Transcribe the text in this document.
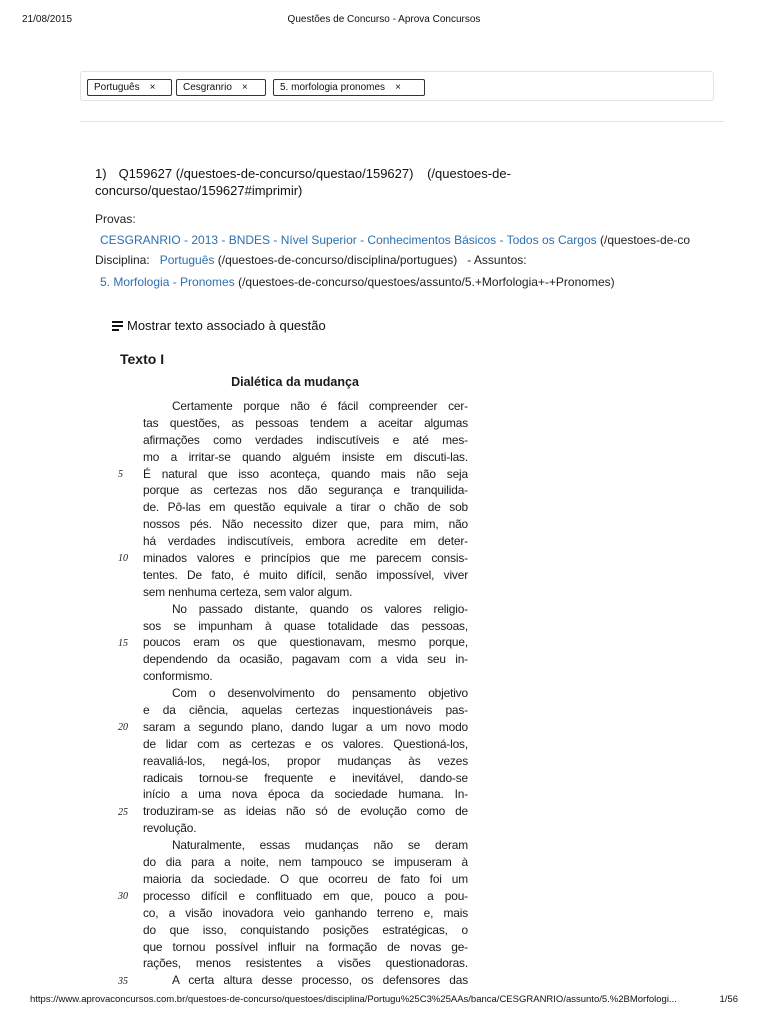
21/08/2015	Questões de Concurso - Aprova Concursos
Português ×	Cesgranrio ×	5. morfologia pronomes ×
1) Q159627 (/questoes-de-concurso/questao/159627) (/questoes-de-concurso/questao/159627#imprimir)
Provas:
CESGRANRIO - 2013 - BNDES - Nível Superior - Conhecimentos Básicos - Todos os Cargos (/questoes-de-co
Disciplina: Português (/questoes-de-concurso/disciplina/portugues) - Assuntos:
5. Morfologia - Pronomes (/questoes-de-concurso/questoes/assunto/5.+Morfologia+-+Pronomes)
Mostrar texto associado à questão
Texto I
Dialética da mudança
5
10
15
20
25
30
35
Certamente porque não é fácil compreender cer-
tas questões, as pessoas tendem a aceitar algumas
afirmações como verdades indiscutíveis e até mes-
mo a irritar-se quando alguém insiste em discuti-las.
É natural que isso aconteça, quando mais não seja
porque as certezas nos dão segurança e tranquilida-
de. Pô-las em questão equivale a tirar o chão de sob
nossos pés. Não necessito dizer que, para mim, não
há verdades indiscutíveis, embora acredite em deter-
minados valores e princípios que me parecem consis-
tentes. De fato, é muito difícil, senão impossível, viver
sem nenhuma certeza, sem valor algum.
No passado distante, quando os valores religio-
sos se impunham à quase totalidade das pessoas,
poucos eram os que questionavam, mesmo porque,
dependendo da ocasião, pagavam com a vida seu in-
conformismo.
Com o desenvolvimento do pensamento objetivo
e da ciência, aquelas certezas inquestionáveis pas-
saram a segundo plano, dando lugar a um novo modo
de lidar com as certezas e os valores. Questioná-los,
reavaliá-los, negá-los, propor mudanças às vezes
radicais tornou-se frequente e inevitável, dando-se
início a uma nova época da sociedade humana. In-
troduziram-se as ideias não só de evolução como de
revolução.
Naturalmente, essas mudanças não se deram
do dia para a noite, nem tampouco se impuseram à
maioria da sociedade. O que ocorreu de fato foi um
processo difícil e conflituado em que, pouco a pou-
co, a visão inovadora veio ganhando terreno e, mais
do que isso, conquistando posições estratégicas, o
que tornou possível influir na formação de novas ge-
rações, menos resistentes a visões questionadoras.
A certa altura desse processo, os defensores das
https://www.aprovaconcursos.com.br/questoes-de-concurso/questoes/disciplina/Portugu%25C3%25AAs/banca/CESGRANRIO/assunto/5.%2BMorfologi...	1/56
